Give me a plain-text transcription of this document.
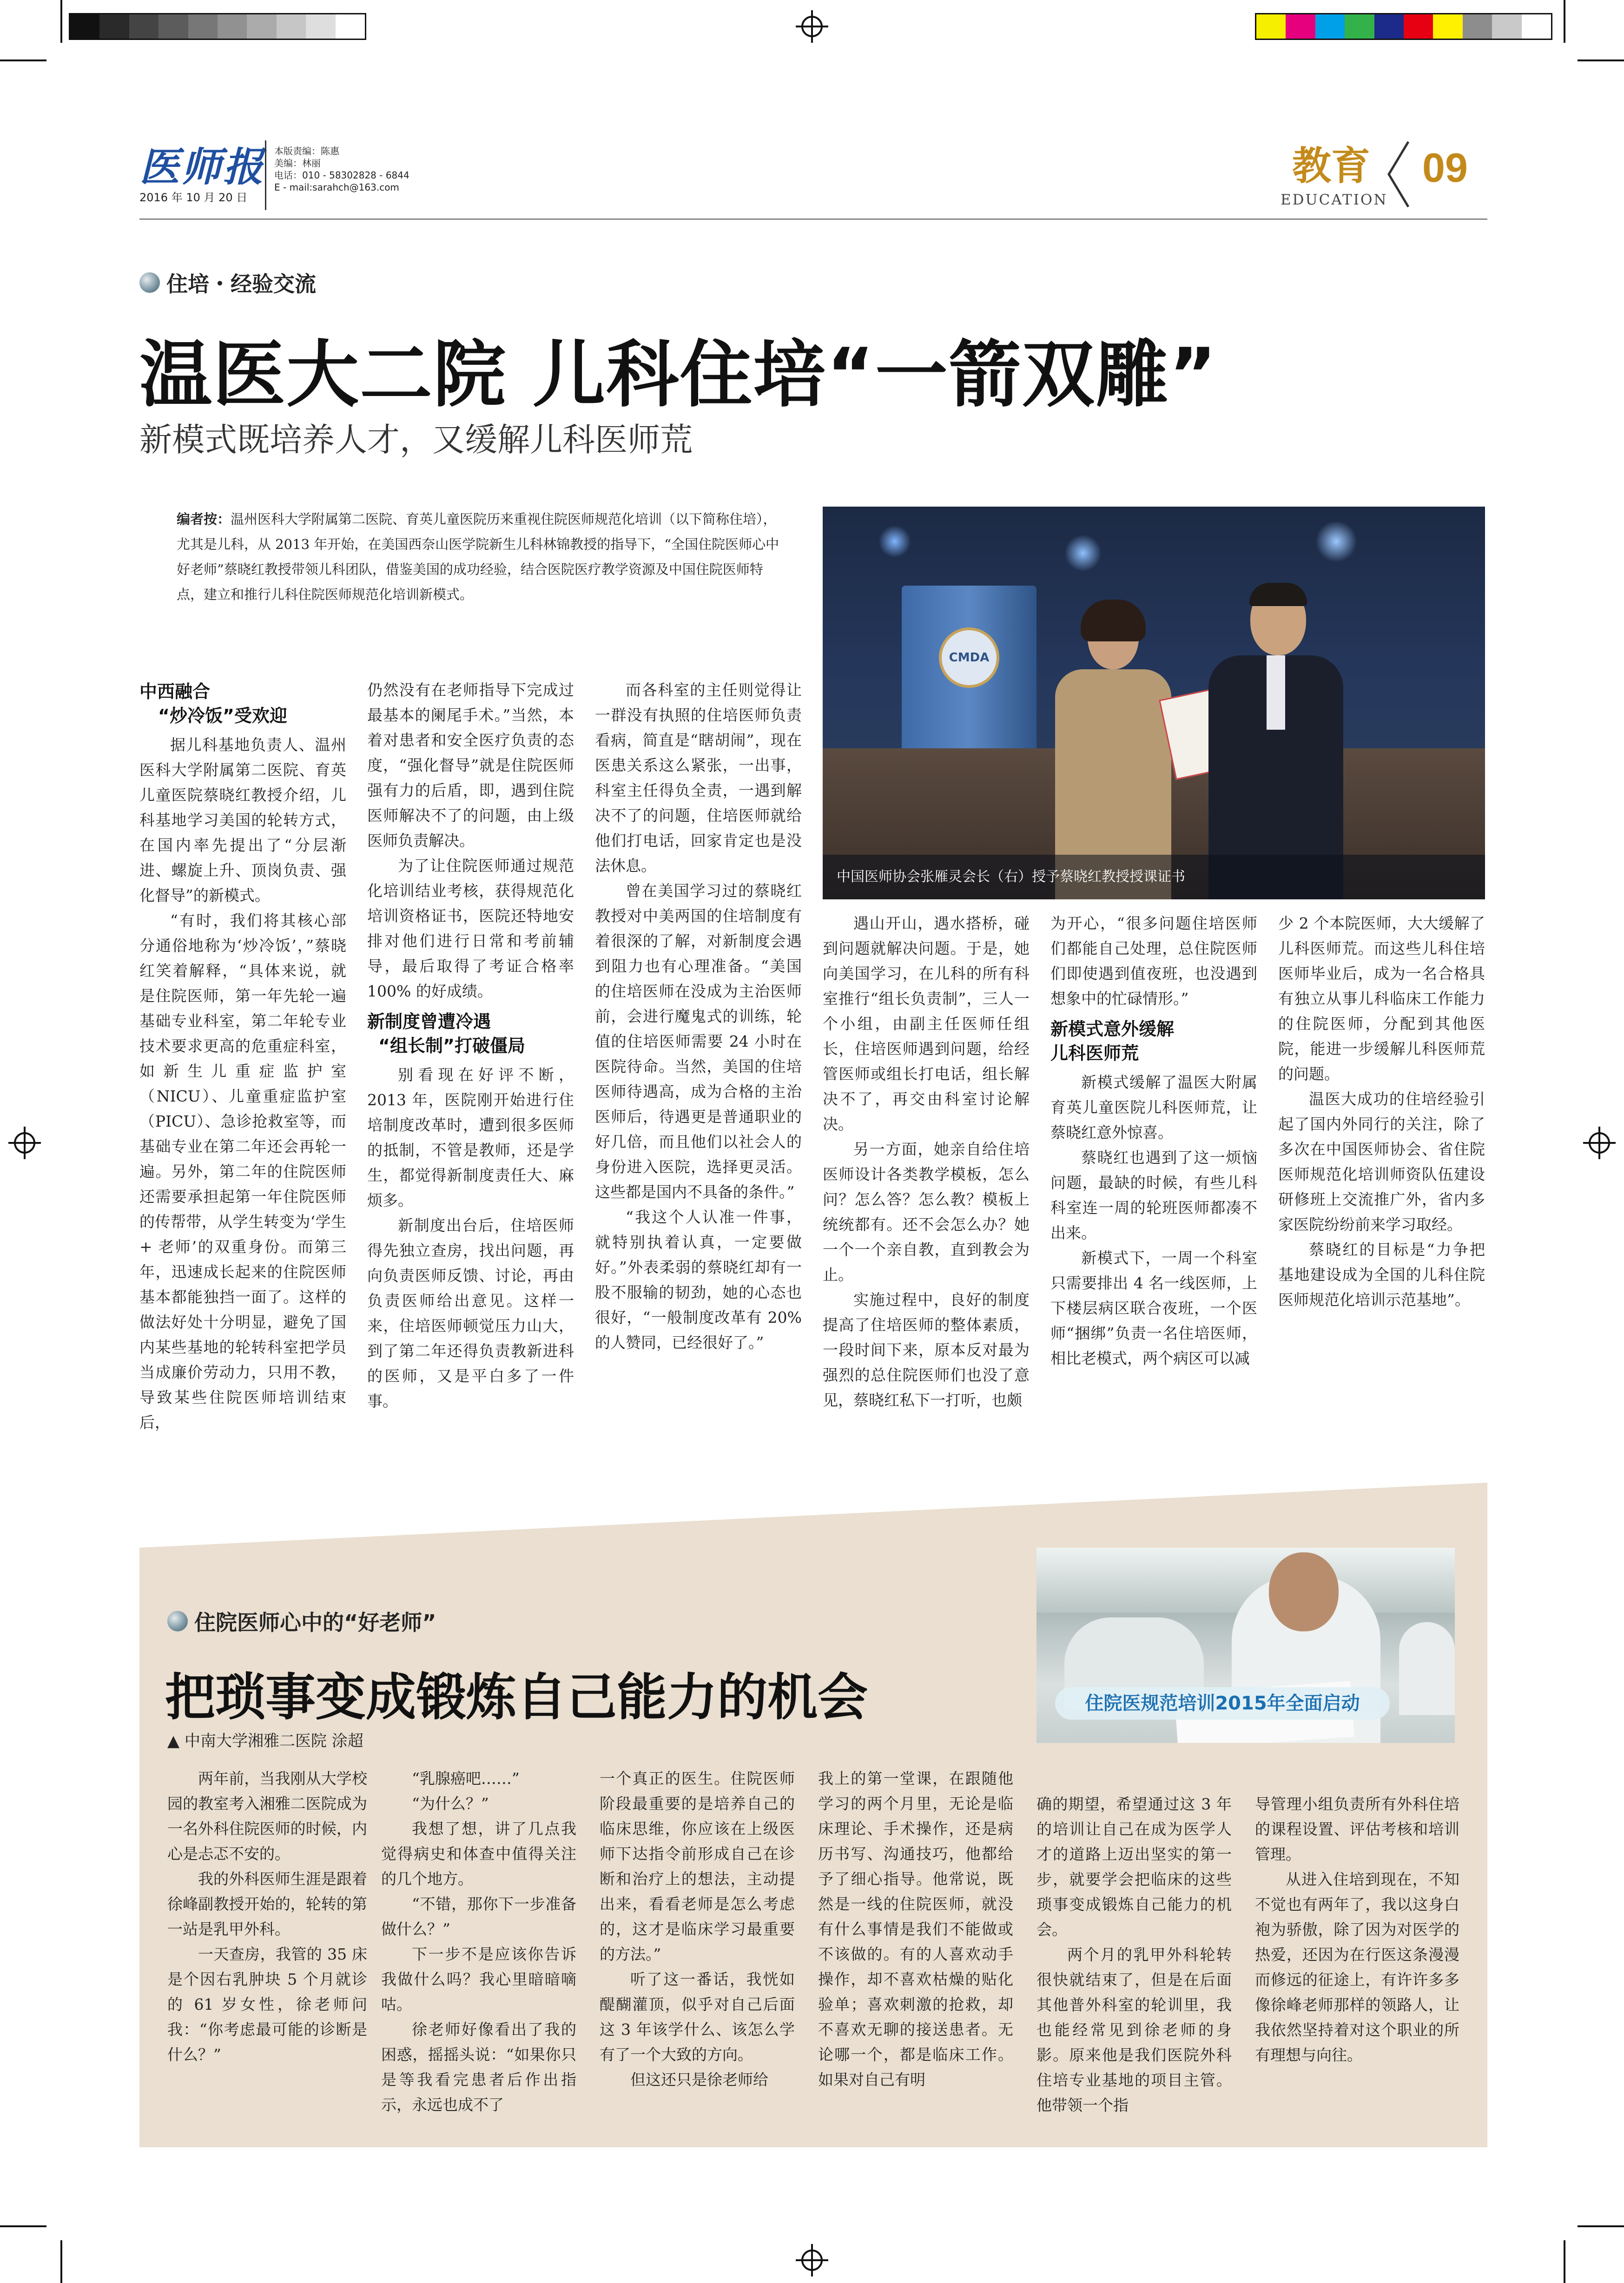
医师报
2016 年 10 月 20 日
本版责编：陈惠
美编：林丽
电话：010 - 58302828 - 6844
E - mail:sarahch@163.com	教育
EDUCATION
09
住培・经验交流
温医大二院 儿科住培“一箭双雕”
新模式既培养人才，又缓解儿科医师荒
编者按：温州医科大学附属第二医院、育英儿童医院历来重视住院医师规范化培训（以下简称住培），尤其是儿科，从 2013 年开始，在美国西奈山医学院新生儿科林锦教授的指导下，“全国住院医师心中好老师”蔡晓红教授带领儿科团队，借鉴美国的成功经验，结合医院医疗教学资源及中国住院医师特点，建立和推行儿科住院医师规范化培训新模式。
CMDA
中国医师协会张雁灵会长（右）授予蔡晓红教授授课证书
中西融合
“炒冷饭”受欢迎

据儿科基地负责人、温州医科大学附属第二医院、育英儿童医院蔡晓红教授介绍，儿科基地学习美国的轮转方式，在国内率先提出了“分层渐进、螺旋上升、顶岗负责、强化督导”的新模式。

“有时，我们将其核心部分通俗地称为‘炒冷饭’，”蔡晓红笑着解释，“具体来说，就是住院医师，第一年先轮一遍基础专业科室，第二年轮专业技术要求更高的危重症科室，如新生儿重症监护室（NICU）、儿童重症监护室（PICU）、急诊抢救室等，而基础专业在第二年还会再轮一遍。另外，第二年的住院医师还需要承担起第一年住院医师的传帮带，从学生转变为‘学生 + 老师’的双重身份。而第三年，迅速成长起来的住院医师基本都能独挡一面了。这样的做法好处十分明显，避免了国内某些基地的轮转科室把学员当成廉价劳动力，只用不教，导致某些住院医师培训结束后，

仍然没有在老师指导下完成过最基本的阑尾手术。”当然，本着对患者和安全医疗负责的态度，“强化督导”就是住院医师强有力的后盾，即，遇到住院医师解决不了的问题，由上级医师负责解决。

为了让住院医师通过规范化培训结业考核，获得规范化培训资格证书，医院还特地安排对他们进行日常和考前辅导，最后取得了考证合格率 100% 的好成绩。

新制度曾遭冷遇
“组长制”打破僵局

别看现在好评不断，2013 年，医院刚开始进行住培制度改革时，遭到很多医师的抵制，不管是教师，还是学生，都觉得新制度责任大、麻烦多。

新制度出台后，住培医师得先独立查房，找出问题，再向负责医师反馈、讨论，再由负责医师给出意见。这样一来，住培医师顿觉压力山大，到了第二年还得负责教新进科的医师，又是平白多了一件事。

而各科室的主任则觉得让一群没有执照的住培医师负责看病，简直是“瞎胡闹”，现在医患关系这么紧张，一出事，科室主任得负全责，一遇到解决不了的问题，住培医师就给他们打电话，回家肯定也是没法休息。

曾在美国学习过的蔡晓红教授对中美两国的住培制度有着很深的了解，对新制度会遇到阻力也有心理准备。“美国的住培医师在没成为主治医师前，会进行魔鬼式的训练，轮值的住培医师需要 24 小时在医院待命。当然，美国的住培医师待遇高，成为合格的主治医师后，待遇更是普通职业的好几倍，而且他们以社会人的身份进入医院，选择更灵活。这些都是国内不具备的条件。”

“我这个人认准一件事，就特别执着认真，一定要做好。”外表柔弱的蔡晓红却有一股不服输的韧劲，她的心态也很好，“一般制度改革有 20% 的人赞同，已经很好了。”

遇山开山，遇水搭桥，碰到问题就解决问题。于是，她向美国学习，在儿科的所有科室推行“组长负责制”，三人一个小组，由副主任医师任组长，住培医师遇到问题，给经管医师或组长打电话，组长解决不了，再交由科室讨论解决。

另一方面，她亲自给住培医师设计各类教学模板，怎么问？怎么答？怎么教？模板上统统都有。还不会怎么办？她一个一个亲自教，直到教会为止。

实施过程中，良好的制度提高了住培医师的整体素质，一段时间下来，原本反对最为强烈的总住院医师们也没了意见，蔡晓红私下一打听，也颇

为开心，“很多问题住培医师们都能自己处理，总住院医师们即使遇到值夜班，也没遇到想象中的忙碌情形。”

新模式意外缓解
儿科医师荒

新模式缓解了温医大附属育英儿童医院儿科医师荒，让蔡晓红意外惊喜。

蔡晓红也遇到了这一烦恼问题，最缺的时候，有些儿科科室连一周的轮班医师都凑不出来。

新模式下，一周一个科室只需要排出 4 名一线医师，上下楼层病区联合夜班，一个医师“捆绑”负责一名住培医师，相比老模式，两个病区可以减

少 2 个本院医师，大大缓解了儿科医师荒。而这些儿科住培医师毕业后，成为一名合格具有独立从事儿科临床工作能力的住院医师，分配到其他医院，能进一步缓解儿科医师荒的问题。

温医大成功的住培经验引起了国内外同行的关注，除了多次在中国医师协会、省住院医师规范化培训师资队伍建设研修班上交流推广外，省内多家医院纷纷前来学习取经。

蔡晓红的目标是“力争把基地建设成为全国的儿科住院医师规范化培训示范基地”。

住院医规范培训2015年全面启动
住院医师心中的“好老师”
把琐事变成锻炼自己能力的机会
▲ 中南大学湘雅二医院 涂超

两年前，当我刚从大学校园的教室考入湘雅二医院成为一名外科住院医师的时候，内心是忐忑不安的。

我的外科医师生涯是跟着徐峰副教授开始的，轮转的第一站是乳甲外科。

一天查房，我管的 35 床是个因右乳肿块 5 个月就诊的 61 岁女性，徐老师问我：“你考虑最可能的诊断是什么？”

“乳腺癌吧……”

“为什么？”

我想了想，讲了几点我觉得病史和体查中值得关注的几个地方。

“不错，那你下一步准备做什么？”

下一步不是应该你告诉我做什么吗？我心里暗暗嘀咕。

徐老师好像看出了我的困惑，摇摇头说：“如果你只是等我看完患者后作出指示，永远也成不了

一个真正的医生。住院医师阶段最重要的是培养自己的临床思维，你应该在上级医师下达指令前形成自己在诊断和治疗上的想法，主动提出来，看看老师是怎么考虑的，这才是临床学习最重要的方法。”

听了这一番话，我恍如醍醐灌顶，似乎对自己后面这 3 年该学什么、该怎么学有了一个大致的方向。

但这还只是徐老师给

我上的第一堂课，在跟随他学习的两个月里，无论是临床理论、手术操作，还是病历书写、沟通技巧，他都给予了细心指导。他常说，既然是一线的住院医师，就没有什么事情是我们不能做或不该做的。有的人喜欢动手操作，却不喜欢枯燥的贴化验单；喜欢刺激的抢救，却不喜欢无聊的接送患者。无论哪一个，都是临床工作。如果对自己有明

确的期望，希望通过这 3 年的培训让自己在成为医学人才的道路上迈出坚实的第一步，就要学会把临床的这些琐事变成锻炼自己能力的机会。

两个月的乳甲外科轮转很快就结束了，但是在后面其他普外科室的轮训里，我也能经常见到徐老师的身影。原来他是我们医院外科住培专业基地的项目主管。他带领一个指

导管理小组负责所有外科住培的课程设置、评估考核和培训管理。

从进入住培到现在，不知不觉也有两年了，我以这身白袍为骄傲，除了因为对医学的热爱，还因为在行医这条漫漫而修远的征途上，有许许多多像徐峰老师那样的领路人，让我依然坚持着对这个职业的所有理想与向往。
